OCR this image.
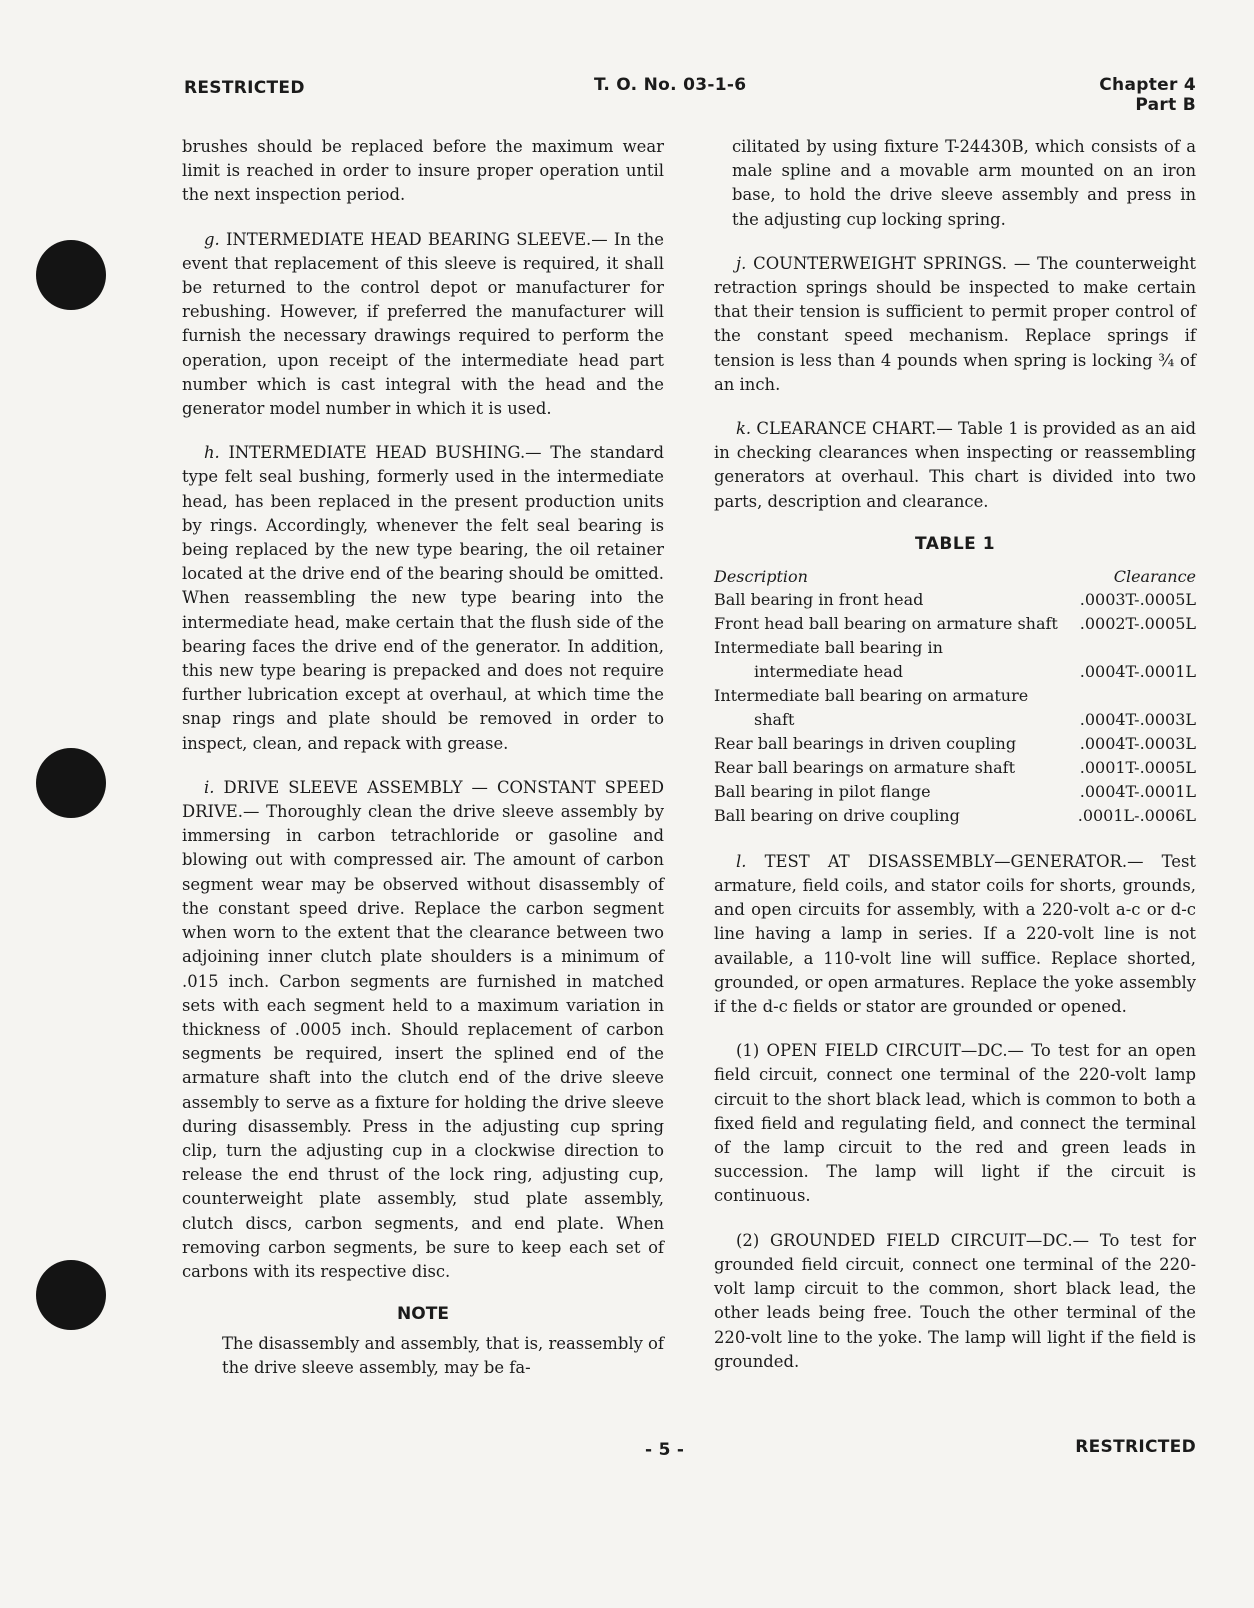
RESTRICTED	T. O. No. 03-1-6	Chapter 4
Part B

brushes should be replaced before the maximum wear limit is reached in order to insure proper operation until the next inspection period.

g. INTERMEDIATE HEAD BEARING SLEEVE.— In the event that replacement of this sleeve is required, it shall be returned to the control depot or manufacturer for rebushing. However, if preferred the manufacturer will furnish the necessary drawings required to perform the operation, upon receipt of the intermediate head part number which is cast integral with the head and the generator model number in which it is used.

h. INTERMEDIATE HEAD BUSHING.— The standard type felt seal bushing, formerly used in the intermediate head, has been replaced in the present production units by rings. Accordingly, whenever the felt seal bearing is being replaced by the new type bearing, the oil retainer located at the drive end of the bearing should be omitted. When reassembling the new type bearing into the intermediate head, make certain that the flush side of the bearing faces the drive end of the generator. In addition, this new type bearing is prepacked and does not require further lubrication except at overhaul, at which time the snap rings and plate should be removed in order to inspect, clean, and repack with grease.

i. DRIVE SLEEVE ASSEMBLY — CONSTANT SPEED DRIVE.— Thoroughly clean the drive sleeve assembly by immersing in carbon tetrachloride or gasoline and blowing out with compressed air. The amount of carbon segment wear may be observed without disassembly of the constant speed drive. Replace the carbon segment when worn to the extent that the clearance between two adjoining inner clutch plate shoulders is a minimum of .015 inch. Carbon segments are furnished in matched sets with each segment held to a maximum variation in thickness of .0005 inch. Should replacement of carbon segments be required, insert the splined end of the armature shaft into the clutch end of the drive sleeve assembly to serve as a fixture for holding the drive sleeve during disassembly. Press in the adjusting cup spring clip, turn the adjusting cup in a clockwise direction to release the end thrust of the lock ring, adjusting cup, counterweight plate assembly, stud plate assembly, clutch discs, carbon segments, and end plate. When removing carbon segments, be sure to keep each set of carbons with its respective disc.

NOTE

The disassembly and assembly, that is, reassembly of the drive sleeve assembly, may be fa-

cilitated by using fixture T-24430B, which consists of a male spline and a movable arm mounted on an iron base, to hold the drive sleeve assembly and press in the adjusting cup locking spring.

j. COUNTERWEIGHT SPRINGS. — The counterweight retraction springs should be inspected to make certain that their tension is sufficient to permit proper control of the constant speed mechanism. Replace springs if tension is less than 4 pounds when spring is locking ¾ of an inch.

k. CLEARANCE CHART.— Table 1 is provided as an aid in checking clearances when inspecting or reassembling generators at overhaul. This chart is divided into two parts, description and clearance.

TABLE 1
Description	Clearance
Ball bearing in front head	.0003T-.0005L
Front head ball bearing on armature shaft	.0002T-.0005L
Intermediate ball bearing in
intermediate head	.0004T-.0001L
Intermediate ball bearing on armature
shaft	.0004T-.0003L
Rear ball bearings in driven coupling	.0004T-.0003L
Rear ball bearings on armature shaft	.0001T-.0005L
Ball bearing in pilot flange	.0004T-.0001L
Ball bearing on drive coupling	.0001L-.0006L

l. TEST AT DISASSEMBLY—GENERATOR.— Test armature, field coils, and stator coils for shorts, grounds, and open circuits for assembly, with a 220-volt a-c or d-c line having a lamp in series. If a 220-volt line is not available, a 110-volt line will suffice. Replace shorted, grounded, or open armatures. Replace the yoke assembly if the d-c fields or stator are grounded or opened.

(1) OPEN FIELD CIRCUIT—DC.— To test for an open field circuit, connect one terminal of the 220-volt lamp circuit to the short black lead, which is common to both a fixed field and regulating field, and connect the terminal of the lamp circuit to the red and green leads in succession. The lamp will light if the circuit is continuous.

(2) GROUNDED FIELD CIRCUIT—DC.— To test for grounded field circuit, connect one terminal of the 220-volt lamp circuit to the common, short black lead, the other leads being free. Touch the other terminal of the 220-volt line to the yoke. The lamp will light if the field is grounded.

- 5 -	RESTRICTED
